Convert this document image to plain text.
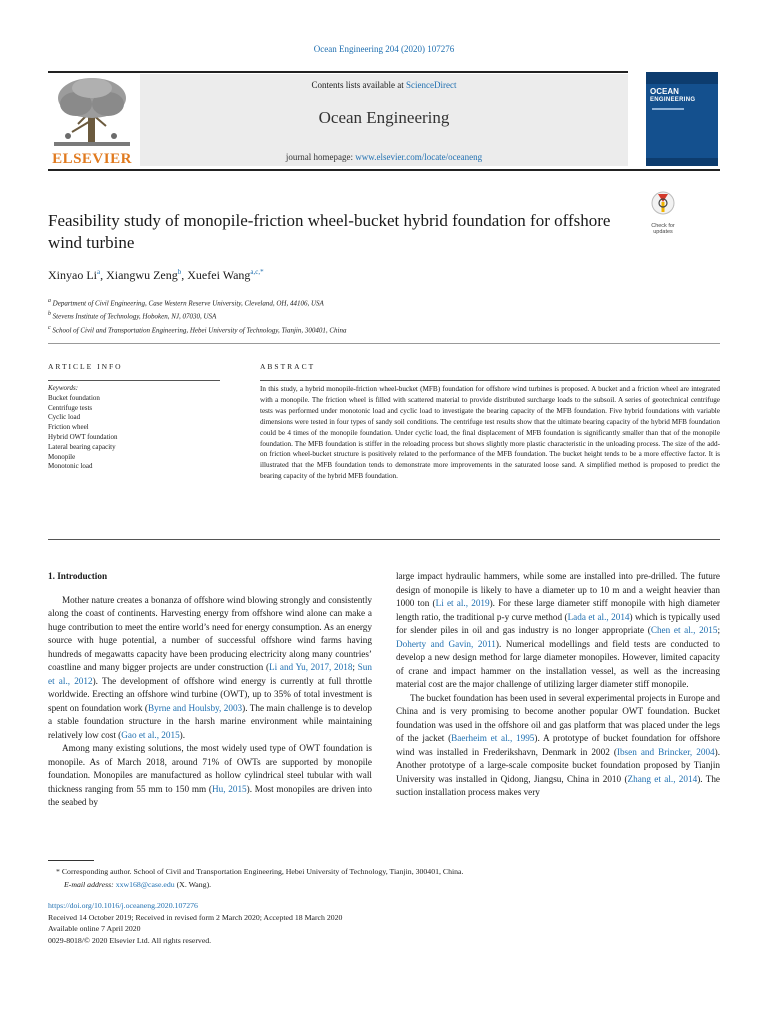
Ocean Engineering 204 (2020) 107276
ELSEVIER
Contents lists available at ScienceDirect
Ocean Engineering
journal homepage: www.elsevier.com/locate/oceaneng
OCEAN
ENGINEERING
Feasibility study of monopile-friction wheel-bucket hybrid foundation for offshore wind turbine
Check for updates
Xinyao Li$^a$, Xiangwu Zeng$^b$, Xuefei Wang$^{a,c,*}$
$^a$ Department of Civil Engineering, Case Western Reserve University, Cleveland, OH, 44106, USA
$^b$ Stevens Institute of Technology, Hoboken, NJ, 07030, USA
$^c$ School of Civil and Transportation Engineering, Hebei University of Technology, Tianjin, 300401, China
ARTICLE INFO	ABSTRACT
Keywords:
Bucket foundation
Centrifuge tests
Cyclic load
Friction wheel
Hybrid OWT foundation
Lateral bearing capacity
Monopile
Monotonic load

In this study, a hybrid monopile-friction wheel-bucket (MFB) foundation for offshore wind turbines is proposed. A bucket and a friction wheel are integrated with a monopile. The friction wheel is filled with scattered material to provide distributed surcharge loads to the subsoil. A series of geotechnical centrifuge tests was performed under monotonic load and cyclic load to investigate the bearing capacity of the MFB foundation. Five hybrid foundations with variable dimensions were tested in four types of sandy soil conditions. The centrifuge test results show that the ultimate bearing capacity of the hybrid MFB foundation could be 4 times of the monopile foundation. Under cyclic load, the final displacement of MFB foundation is significantly smaller than that of the monopile foundation. The MFB foundation is stiffer in the reloading process but shows slightly more plastic characteristic in the unloading process. The size of the add-on friction wheel-bucket structure is positively related to the performance of the MFB foundation. The bucket height tends to be a more effective factor. It is illustrated that the MFB foundation tends to demonstrate more improvements in the saturated loose sand. A simplified method is proposed to predict the bearing capacity of the hybrid MFB foundation.

1. Introduction

Mother nature creates a bonanza of offshore wind blowing strongly and consistently along the coast of continents. Harvesting energy from offshore wind alone can make a huge contribution to meet the entire world’s need for energy consumption. As an energy source with huge potential, a number of successful offshore wind farms having hundreds of megawatts capacity have been producing electricity along many countries’ coastline and many bigger projects are under construction (Li and Yu, 2017, 2018; Sun et al., 2012). The development of offshore wind energy is currently at full throttle worldwide. Erecting an offshore wind turbine (OWT), up to 35% of total investment is spent on foundation work (Byrne and Houlsby, 2003). The main challenge is to develop a stable foundation structure in the harsh marine environment while maintaining relatively low cost (Gao et al., 2015).

Among many existing solutions, the most widely used type of OWT foundation is monopile. As of March 2018, around 71% of OWTs are supported by monopile foundation. Monopiles are manufactured as hollow cylindrical steel tubular with wall thickness ranging from 55 mm to 150 mm (Hu, 2015). Most monopiles are driven into the seabed by

large impact hydraulic hammers, while some are installed into pre-drilled. The future design of monopile is likely to have a diameter up to 10 m and a weight heavier than 1000 ton (Li et al., 2019). For these large diameter stiff monopile with high diameter length ratio, the traditional p-y curve method (Lada et al., 2014) which is typically used for slender piles in oil and gas industry is no longer appropriate (Chen et al., 2015; Doherty and Gavin, 2011). Numerical modellings and field tests are conducted to develop a new design method for large diameter monopiles. However, limited capacity of crane and impact hammer on the installation vessel, as well as the increasing material cost are the major challenge of utilizing larger diameter stiff monopile.

The bucket foundation has been used in several experimental projects in Europe and China and is very promising to become another popular OWT foundation. Bucket foundation was used in the offshore oil and gas platform that was placed under the legs of the jacket (Baerheim et al., 1995). A prototype of bucket foundation for offshore wind was installed in Frederikshavn, Denmark in 2002 (Ibsen and Brincker, 2004). Another prototype of a large-scale composite bucket foundation proposed by Tianjin University was installed in Qidong, Jiangsu, China in 2010 (Zhang et al., 2014). The suction installation process makes very

* Corresponding author. School of Civil and Transportation Engineering, Hebei University of Technology, Tianjin, 300401, China.
E-mail address: xxw168@case.edu (X. Wang).
https://doi.org/10.1016/j.oceaneng.2020.107276
Received 14 October 2019; Received in revised form 2 March 2020; Accepted 18 March 2020
Available online 7 April 2020
0029-8018/© 2020 Elsevier Ltd. All rights reserved.
